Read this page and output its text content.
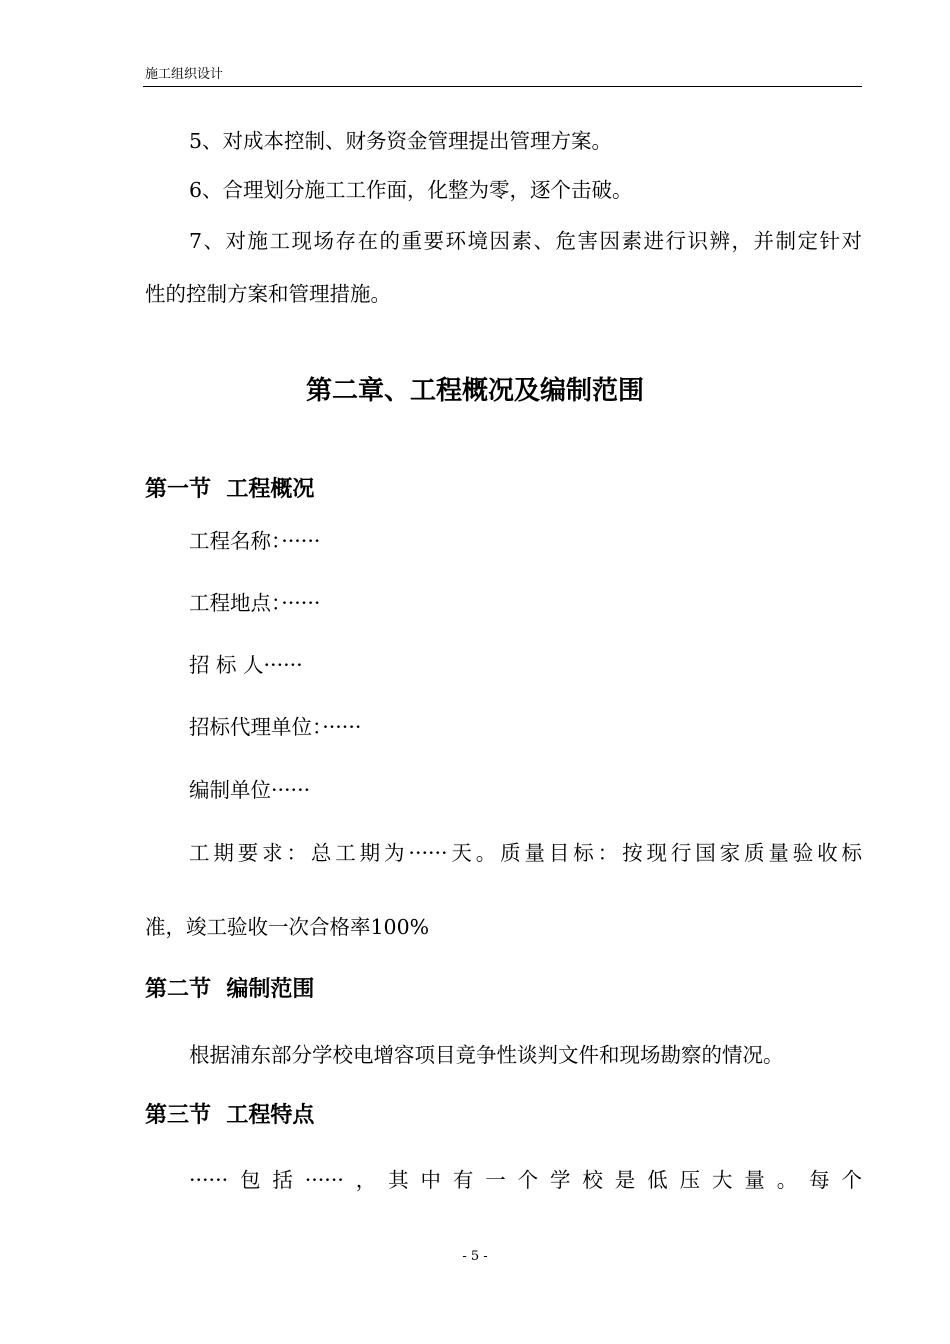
施工组织设计
5、对成本控制、财务资金管理提出管理方案。
6、合理划分施工工作面，化整为零，逐个击破。
7、对施工现场存在的重要环境因素、危害因素进行识辨，并制定针对
性的控制方案和管理措施。
第二章、工程概况及编制范围
第一节  工程概况
工程名称：······
工程地点：······
招 标 人······
招标代理单位：······
编制单位······
工期要求：总工期为······天。质量目标：按现行国家质量验收标
准，竣工验收一次合格率100%
第二节  编制范围
根据浦东部分学校电增容项目竟争性谈判文件和现场勘察的情况。
第三节  工程特点
······包括······，其中有一个学校是低压大量。每个
- 5 -
